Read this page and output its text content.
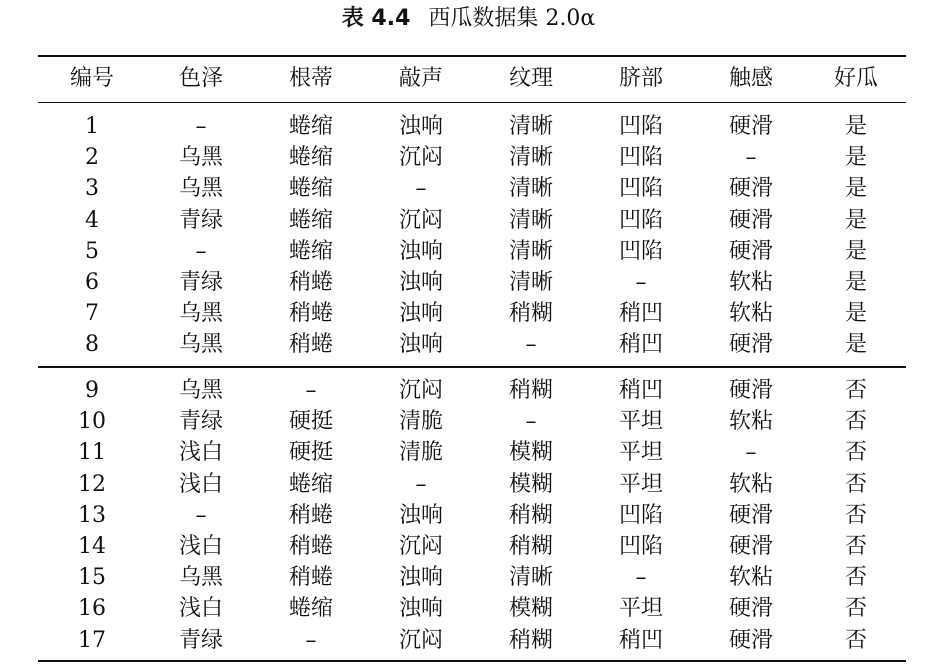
表 4.4 西瓜数据集 2.0α
编号	色泽	根蒂	敲声	纹理	脐部	触感	好瓜
1	–	蜷缩	浊响	清晰	凹陷	硬滑	是
2	乌黑	蜷缩	沉闷	清晰	凹陷	–	是
3	乌黑	蜷缩	–	清晰	凹陷	硬滑	是
4	青绿	蜷缩	沉闷	清晰	凹陷	硬滑	是
5	–	蜷缩	浊响	清晰	凹陷	硬滑	是
6	青绿	稍蜷	浊响	清晰	–	软粘	是
7	乌黑	稍蜷	浊响	稍糊	稍凹	软粘	是
8	乌黑	稍蜷	浊响	–	稍凹	硬滑	是
9	乌黑	–	沉闷	稍糊	稍凹	硬滑	否
10	青绿	硬挺	清脆	–	平坦	软粘	否
11	浅白	硬挺	清脆	模糊	平坦	–	否
12	浅白	蜷缩	–	模糊	平坦	软粘	否
13	–	稍蜷	浊响	稍糊	凹陷	硬滑	否
14	浅白	稍蜷	沉闷	稍糊	凹陷	硬滑	否
15	乌黑	稍蜷	浊响	清晰	–	软粘	否
16	浅白	蜷缩	浊响	模糊	平坦	硬滑	否
17	青绿	–	沉闷	稍糊	稍凹	硬滑	否
